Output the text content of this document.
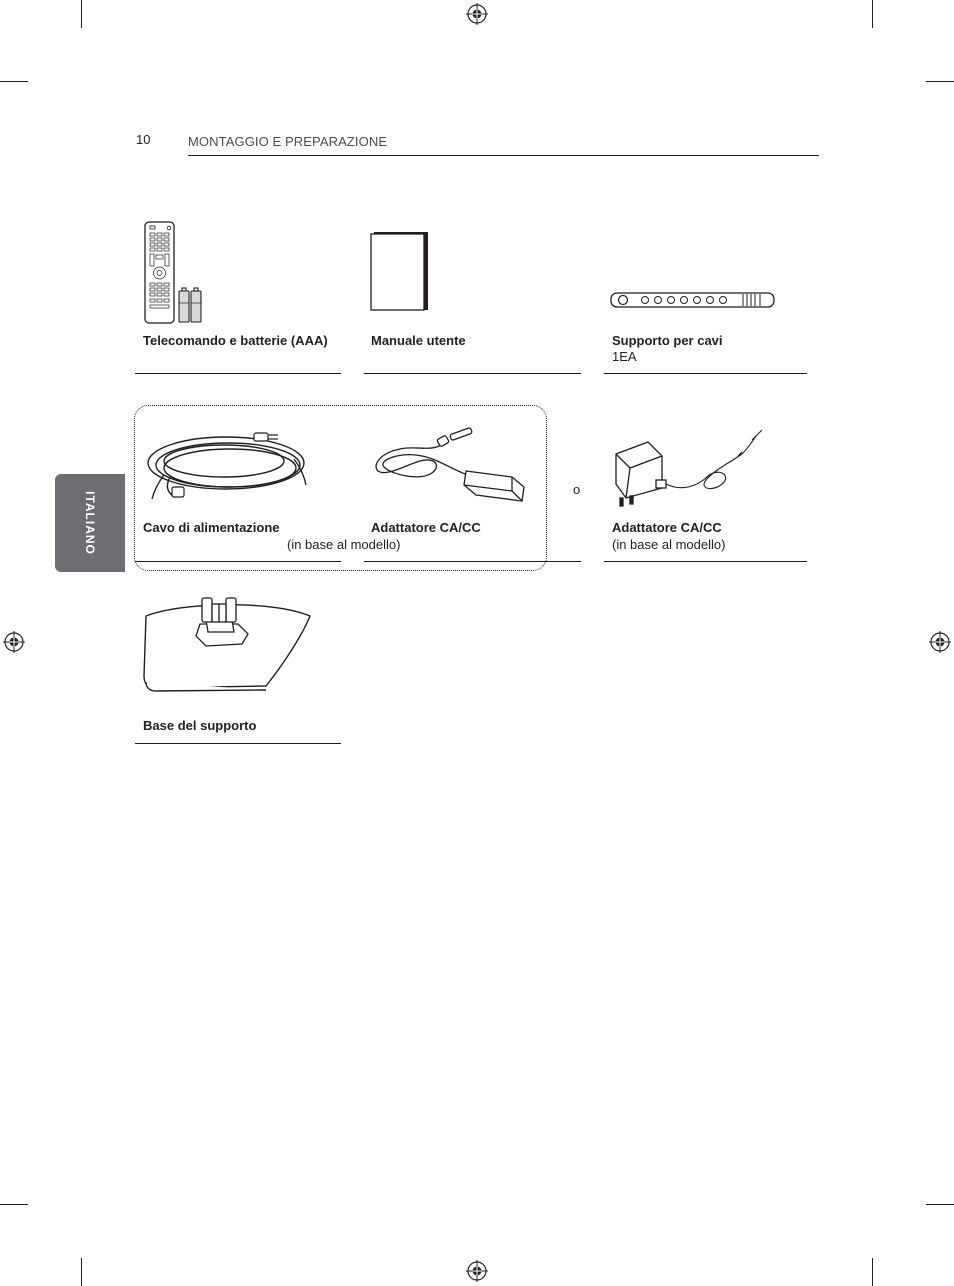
10	MONTAGGIO E PREPARAZIONE
ITALIANO
Telecomando e batterie (AAA)	Manuale utente	Supporto per cavi
1EA
Cavo di alimentazione	Adattatore CA/CC
(in base al modello)
o
Adattatore CA/CC
(in base al modello)
Base del supporto
